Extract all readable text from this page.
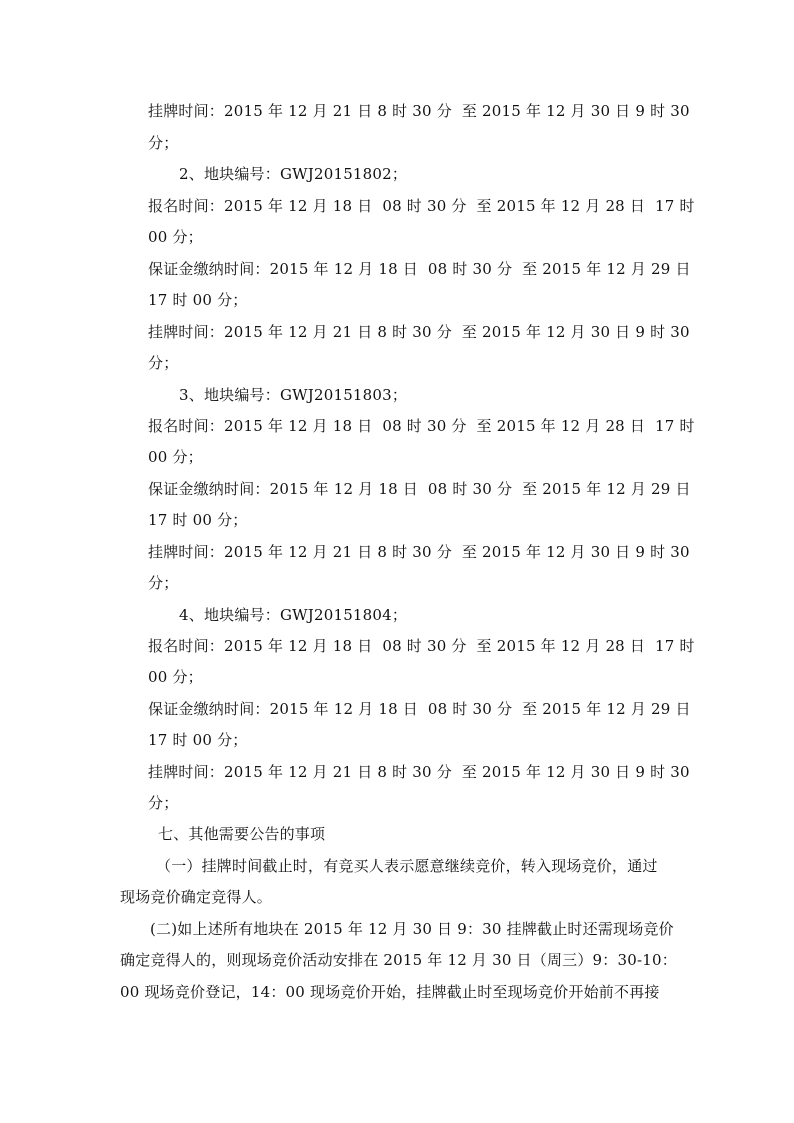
挂牌时间：2015 年 12 月 21 日 8 时 30 分  至 2015 年 12 月 30 日 9 时 30
分；
2、地块编号：GWJ20151802；
报名时间：2015 年 12 月 18 日  08 时 30 分  至 2015 年 12 月 28 日  17 时
00 分；
保证金缴纳时间：2015 年 12 月 18 日  08 时 30 分  至 2015 年 12 月 29 日
17 时 00 分；
挂牌时间：2015 年 12 月 21 日 8 时 30 分  至 2015 年 12 月 30 日 9 时 30
分；
3、地块编号：GWJ20151803；
报名时间：2015 年 12 月 18 日  08 时 30 分  至 2015 年 12 月 28 日  17 时
00 分；
保证金缴纳时间：2015 年 12 月 18 日  08 时 30 分  至 2015 年 12 月 29 日
17 时 00 分；
挂牌时间：2015 年 12 月 21 日 8 时 30 分  至 2015 年 12 月 30 日 9 时 30
分；
4、地块编号：GWJ20151804；
报名时间：2015 年 12 月 18 日  08 时 30 分  至 2015 年 12 月 28 日  17 时
00 分；
保证金缴纳时间：2015 年 12 月 18 日  08 时 30 分  至 2015 年 12 月 29 日
17 时 00 分；
挂牌时间：2015 年 12 月 21 日 8 时 30 分  至 2015 年 12 月 30 日 9 时 30
分；
七、其他需要公告的事项
（一）挂牌时间截止时，有竞买人表示愿意继续竞价，转入现场竞价，通过
现场竞价确定竞得人。
(二)如上述所有地块在 2015 年 12 月 30 日 9：30 挂牌截止时还需现场竞价
确定竞得人的，则现场竞价活动安排在 2015 年 12 月 30 日（周三）9：30-10：
00 现场竞价登记，14：00 现场竞价开始，挂牌截止时至现场竞价开始前不再接
